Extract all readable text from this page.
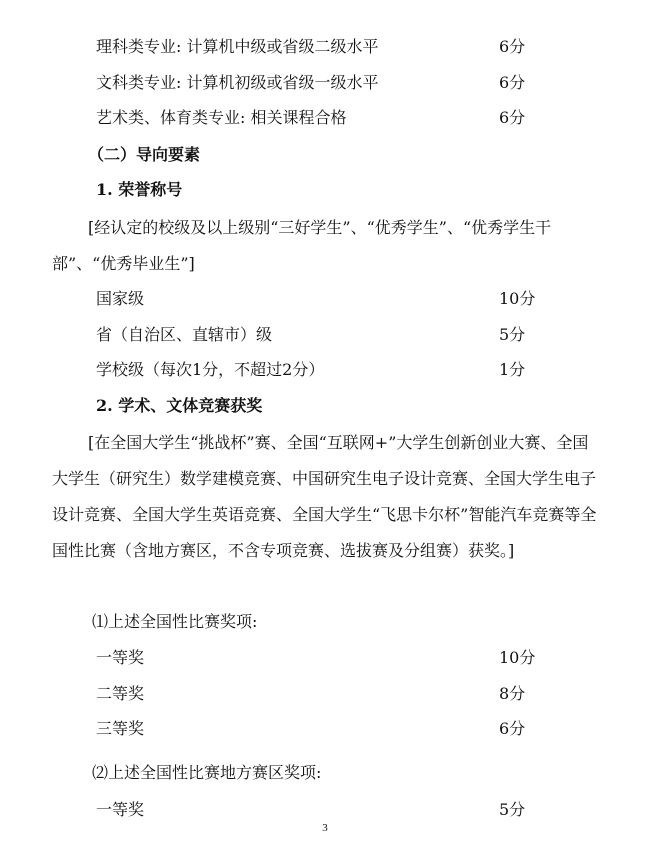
理科类专业: 计算机中级或省级二级水平	6分
文科类专业: 计算机初级或省级一级水平	6分
艺术类、体育类专业: 相关课程合格	6分
（二）导向要素
1. 荣誉称号

[经认定的校级及以上级别“三好学生”、“优秀学生”、“优秀学生干部”、“优秀毕业生”]

国家级	10分
省（自治区、直辖市）级	5分
学校级（每次1分，不超过2分）	1分
2. 学术、文体竞赛获奖

[在全国大学生“挑战杯”赛、全国“互联网+”大学生创新创业大赛、全国大学生（研究生）数学建模竞赛、中国研究生电子设计竞赛、全国大学生电子设计竞赛、全国大学生英语竞赛、全国大学生“飞思卡尔杯”智能汽车竞赛等全国性比赛（含地方赛区，不含专项竞赛、选拔赛及分组赛）获奖。]

⑴上述全国性比赛奖项:
一等奖	10分
二等奖	8分
三等奖	6分
⑵上述全国性比赛地方赛区奖项:
一等奖	5分
3
